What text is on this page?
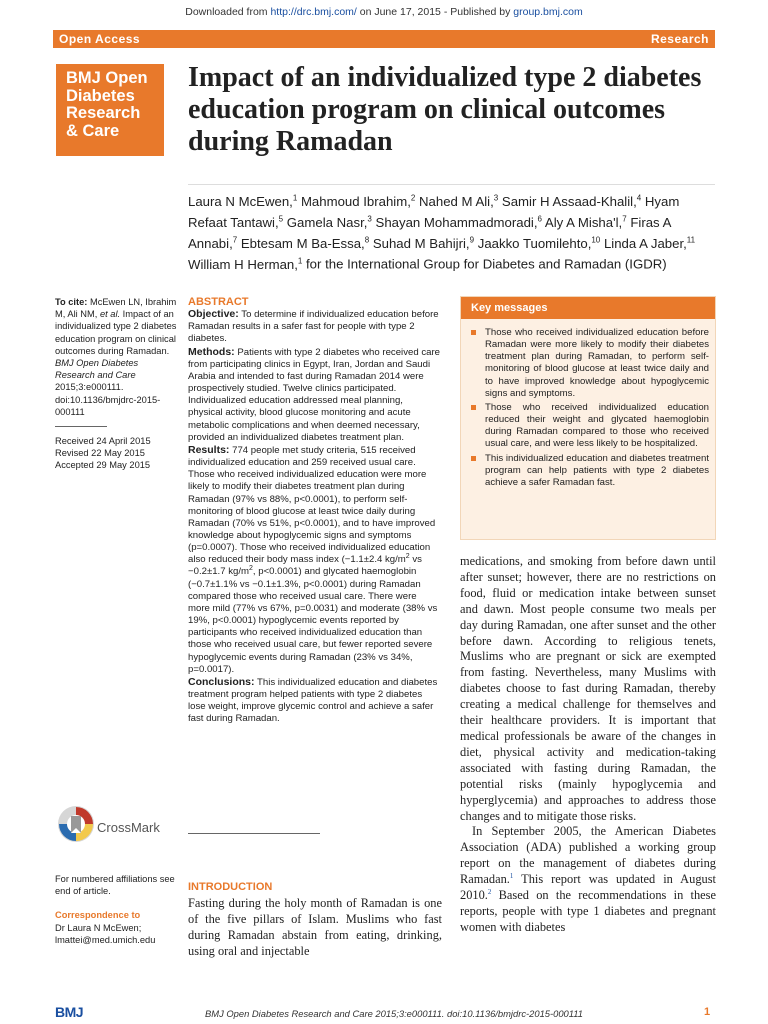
Downloaded from http://drc.bmj.com/ on June 17, 2015 - Published by group.bmj.com
Open Access	Research
BMJ Open
Diabetes
Research
& Care
Impact of an individualized type 2 diabetes education program on clinical outcomes during Ramadan
Laura N McEwen,$^1$ Mahmoud Ibrahim,$^2$ Nahed M Ali,$^3$ Samir H Assaad-Khalil,$^4$ Hyam Refaat Tantawi,$^5$ Gamela Nasr,$^3$ Shayan Mohammadmoradi,$^6$ Aly A Misha'l,$^7$ Firas A Annabi,$^7$ Ebtesam M Ba-Essa,$^8$ Suhad M Bahijri,$^9$ Jaakko Tuomilehto,$^{10}$ Linda A Jaber,$^{11}$ William H Herman,$^1$ for the International Group for Diabetes and Ramadan (IGDR)
To cite: McEwen LN, Ibrahim M, Ali NM, et al. Impact of an individualized type 2 diabetes education program on clinical outcomes during Ramadan. BMJ Open Diabetes Research and Care 2015;3:e000111. doi:10.1136/bmjdrc-2015-000111
Received 24 April 2015
Revised 22 May 2015
Accepted 29 May 2015
CrossMark
For numbered affiliations see end of article.
Correspondence to
Dr Laura N McEwen;
lmattei@med.umich.edu
ABSTRACT
Objective: To determine if individualized education before Ramadan results in a safer fast for people with type 2 diabetes.
Methods: Patients with type 2 diabetes who received care from participating clinics in Egypt, Iran, Jordan and Saudi Arabia and intended to fast during Ramadan 2014 were prospectively studied. Twelve clinics participated. Individualized education addressed meal planning, physical activity, blood glucose monitoring and acute metabolic complications and when deemed necessary, provided an individualized diabetes treatment plan.
Results: 774 people met study criteria, 515 received individualized education and 259 received usual care. Those who received individualized education were more likely to modify their diabetes treatment plan during Ramadan (97% vs 88%, p<0.0001), to perform self-monitoring of blood glucose at least twice daily during Ramadan (70% vs 51%, p<0.0001), and to have improved knowledge about hypoglycemic signs and symptoms (p=0.0007). Those who received individualized education also reduced their body mass index (−1.1±2.4 $kg/m^2$ vs −0.2±1.7 $kg/m^2$, p<0.0001) and glycated haemoglobin (−0.7±1.1% vs −0.1±1.3%, p<0.0001) during Ramadan compared those who received usual care. There were more mild (77% vs 67%, p=0.0031) and moderate (38% vs 19%, p<0.0001) hypoglycemic events reported by participants who received individualized education than those who received usual care, but fewer reported severe hypoglycemic events during Ramadan (23% vs 34%, p=0.0017).
Conclusions: This individualized education and diabetes treatment program helped patients with type 2 diabetes lose weight, improve glycemic control and achieve a safer fast during Ramadan.
Key messages
Those who received individualized education before Ramadan were more likely to modify their diabetes treatment plan during Ramadan, to perform self-monitoring of blood glucose at least twice daily and to have improved knowledge about hypoglycemic signs and symptoms.
Those who received individualized education reduced their weight and glycated haemoglobin during Ramadan compared to those who received usual care, and were less likely to be hospitalized.
This individualized education and diabetes treatment program can help patients with type 2 diabetes achieve a safer Ramadan fast.
INTRODUCTION
Fasting during the holy month of Ramadan is one of the five pillars of Islam. Muslims who fast during Ramadan abstain from eating, drinking, using oral and injectable

medications, and smoking from before dawn until after sunset; however, there are no restrictions on food, fluid or medication intake between sunset and dawn. Most people consume two meals per day during Ramadan, one after sunset and the other before dawn. According to religious tenets, Muslims who are pregnant or sick are exempted from fasting. Nevertheless, many Muslims with diabetes choose to fast during Ramadan, thereby creating a medical challenge for themselves and their healthcare providers. It is important that medical professionals be aware of the changes in diet, physical activity and medication-taking associated with fasting during Ramadan, the potential risks (mainly hypoglycemia and hyperglycemia) and approaches to address those changes and to mitigate those risks.

In September 2005, the American Diabetes Association (ADA) published a working group report on the management of diabetes during Ramadan.$^1$ This report was updated in August 2010.$^2$ Based on the recommendations in these reports, people with type 1 diabetes and pregnant women with diabetes

BMJ	BMJ Open Diabetes Research and Care 2015;3:e000111. doi:10.1136/bmjdrc-2015-000111	1
